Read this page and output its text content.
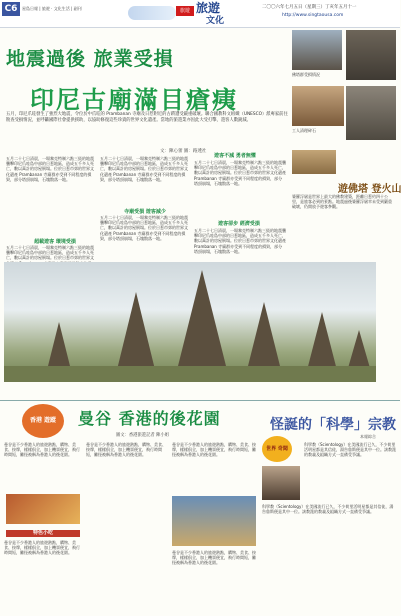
C6	星島日報 | 旅遊 · 文化生活 | 副刊	旅遊 旅遊
文化
二〇〇六年七月五日（星期三）丁亥年五月十一
http://www.singtaousa.com
佛塔群受損情況
工人清理碎石
地震過後 旅業受損
印尼古廟滿目瘡痍
五月，印尼爪哇發生了強烈大地震，令位於中爪哇的 Prambanan 寺廟及日惹附近的古蹟遭受嚴重破壞。聯合國教科文組織（UNESCO）派專家前往勘查受損情況，並呼籲國際社會提供援助，以協助修復這些珍貴的世界文化遺產。當地的旅遊業亦因此大受打擊，遊客人數銳減。
文：陳心蕾 圖：路透社
五月二十七日清晨，一場黎克特制六點三級的地震襲擊印尼爪哇島中部的日惹地區，造成五千多人死亡，數以萬計的房屋倒塌。位於日惹市郊的世界文化遺產 Prambanan 寺廟群亦受到不同程度的損毀，部分塔頂崩塌，石塊散落一地。
超載遊客 環境受損
五月二十七日清晨，一場黎克特制六點三級的地震襲擊印尼爪哇島中部的日惹地區，造成五千多人死亡，數以萬計的房屋倒塌。位於日惹市郊的世界文
五月二十七日清晨，一場黎克特制六點三級的地震襲擊印尼爪哇島中部的日惹地區，造成五千多人死亡，數以萬計的房屋倒塌。位於日惹市郊的世界文化遺產 Prambanan 寺廟群亦受到不同程度的損毀，部分塔頂崩塌，石塊散落一地。
寺廟受損 遊客減少
五月二十七日清晨，一場黎克特制六點三級的地震襲擊印尼爪哇島中部的日惹地區，造成五千多人死亡，數以萬計的房屋倒塌。位於日惹市郊的世界文化遺產 Prambanan 寺廟群亦受到不同程度的損毀，部分塔頂崩塌，石塊散落一地。
遊客不減 勇者無懼
五月二十七日清晨，一場黎克特制六點三級的地震襲擊印尼爪哇島中部的日惹地區，造成五千多人死亡，數以萬計的房屋倒塌。位於日惹市郊的世界文化遺產 Prambanan 寺廟群亦受到不同程度的損毀，部分塔頂崩塌，石塊散落一地。
遊客卻步 經濟受損
五月二十七日清晨，一場黎克特制六點三級的地震襲擊印尼爪哇島中部的日惹地區，造成五千多人死亡，數以萬計的房屋倒塌。位於日惹市郊的世界文化遺產 Prambanan 寺廟群亦受到不同程度的損毀，部分塔頂崩塌，石塊散落一地。
婆羅浮屠是世界上最大的佛教建築，距離日惹約四十公里，是旅客必到的景點。地震過後婆羅浮屠幸未受到嚴重破壞，仍開放予遊客參觀。
遊佛塔 登火山
香港 遊蹤	曼谷 香港的後花園
圖文：香港旅遊記者 陳小姐
曼谷是不少香港人的旅遊熱點，購物、美食、按摩，樣樣俱全，加上機票便宜，飛行時間短，難怪被稱為香港人的後花園。
特色小吃
曼谷是不少香港人的旅遊熱點，購物、美食、按摩，樣樣俱全，加上機票便宜，飛行時間短，難怪被稱為香港人的後花園。
曼谷是不少香港人的旅遊熱點，購物、美食、按摩，樣樣俱全，加上機票便宜，飛行時間短，難怪被稱為香港人的後花園。
曼谷是不少香港人的旅遊熱點，購物、美食、按摩，樣樣俱全，加上機票便宜，飛行時間短，難怪被稱為香港人的後花園。
曼谷是不少香港人的旅遊熱點，購物、美食、按摩，樣樣俱全，加上機票便宜，飛行時間短，難怪被稱為香港人的後花園。
世界 奇聞
怪誕的「科學」宗教
本報綜合
科學教（Scientology）在美國流行已久，不少荷里活明星都是其信徒，湯告魯斯便是其中一位。該教派的教義及組織方式一直備受爭議。
科學教（Scientology）在美國流行已久，不少荷里活明星都是其信徒，湯告魯斯便是其中一位。該教派的教義及組織方式一直備受爭議。
